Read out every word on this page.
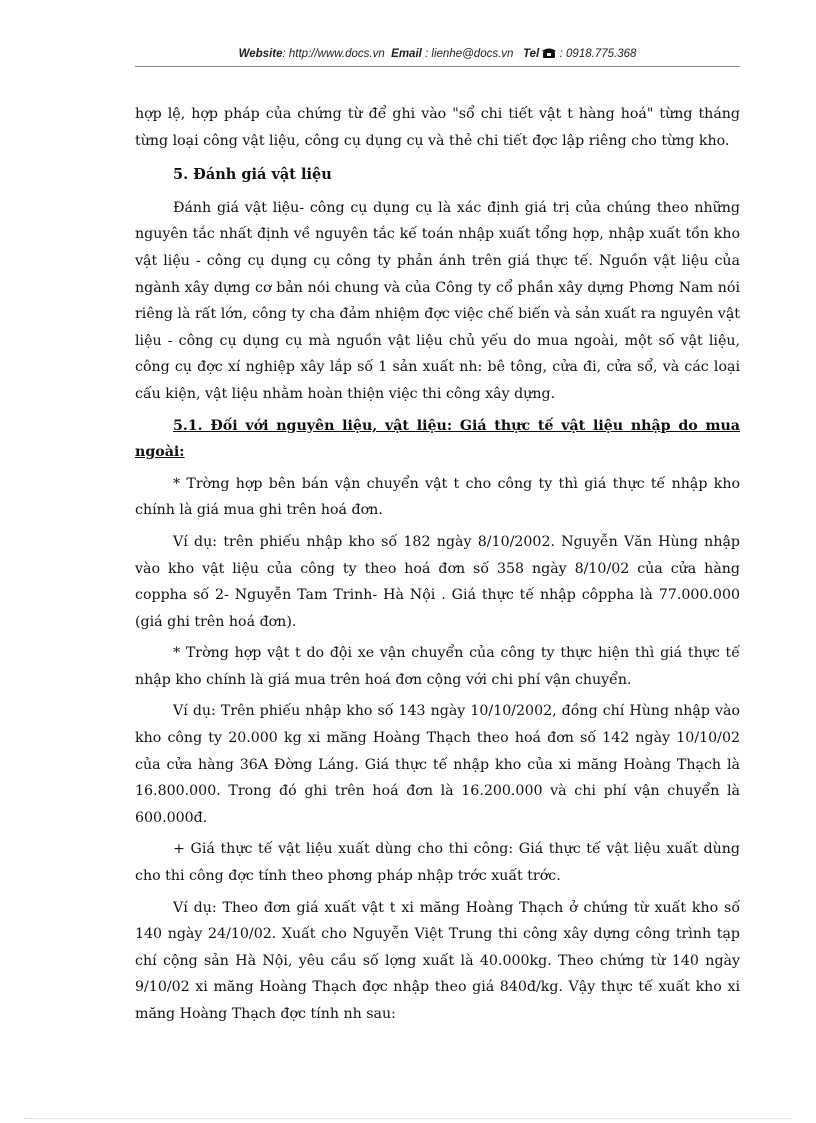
Website: http://www.docs.vn Email : lienhe@docs.vn Tel : 0918.775.368

hợp lệ, hợp pháp của chứng từ để ghi vào "sổ chi tiết vật t hàng hoá" từng tháng từng loại công vật liệu, công cụ dụng cụ và thẻ chi tiết đợc lập riêng cho từng kho.

5. Đánh giá vật liệu

Đánh giá vật liệu- công cụ dụng cụ là xác định giá trị của chúng theo những nguyên tắc nhất định về nguyên tắc kế toán nhập xuất tổng hợp, nhập xuất tồn kho vật liệu - công cụ dụng cụ công ty phản ánh trên giá thực tế. Nguồn vật liệu của ngành xây dựng cơ bản nói chung và của Công ty cổ phần xây dựng Phơng Nam nói riêng là rất lớn, công ty cha đảm nhiệm đợc việc chế biến và sản xuất ra nguyên vật liệu - công cụ dụng cụ mà nguồn vật liệu chủ yếu do mua ngoài, một số vật liệu, công cụ đợc xí nghiệp xây lắp số 1 sản xuất nh: bê tông, cửa đi, cửa sổ, và các loại cấu kiện, vật liệu nhằm hoàn thiện việc thi công xây dựng.

5.1. Đối với nguyên liệu, vật liệu: Giá thực tế vật liệu nhập do mua ngoài:

* Trờng hợp bên bán vận chuyển vật t cho công ty thì giá thực tế nhập kho chính là giá mua ghi trên hoá đơn.

Ví dụ: trên phiếu nhập kho số 182 ngày 8/10/2002. Nguyễn Văn Hùng nhập vào kho vật liệu của công ty theo hoá đơn số 358 ngày 8/10/02 của cửa hàng coppha số 2- Nguyễn Tam Trinh- Hà Nội . Giá thực tế nhập côppha là 77.000.000 (giá ghi trên hoá đơn).

* Trờng hợp vật t do đội xe vận chuyển của công ty thực hiện thì giá thực tế nhập kho chính là giá mua trên hoá đơn cộng với chi phí vận chuyển.

Ví dụ: Trên phiếu nhập kho số 143 ngày 10/10/2002, đồng chí Hùng nhập vào kho công ty 20.000 kg xi măng Hoàng Thạch theo hoá đơn số 142 ngày 10/10/02 của cửa hàng 36A Đờng Láng. Giá thực tế nhập kho của xi măng Hoàng Thạch là 16.800.000. Trong đó ghi trên hoá đơn là 16.200.000 và chi phí vận chuyển là 600.000đ.

+ Giá thực tế vật liệu xuất dùng cho thi công: Giá thực tế vật liệu xuất dùng cho thi công đợc tính theo phơng pháp nhập trớc xuất trớc.

Ví dụ: Theo đơn giá xuất vật t xi măng Hoàng Thạch ở chứng từ xuất kho số 140 ngày 24/10/02. Xuất cho Nguyễn Việt Trung thi công xây dựng công trình tạp chí cộng sản Hà Nội, yêu cầu số lợng xuất là 40.000kg. Theo chứng từ 140 ngày 9/10/02 xi măng Hoàng Thạch đợc nhập theo giá 840đ/kg. Vậy thực tế xuất kho xi măng Hoàng Thạch đợc tính nh sau:
